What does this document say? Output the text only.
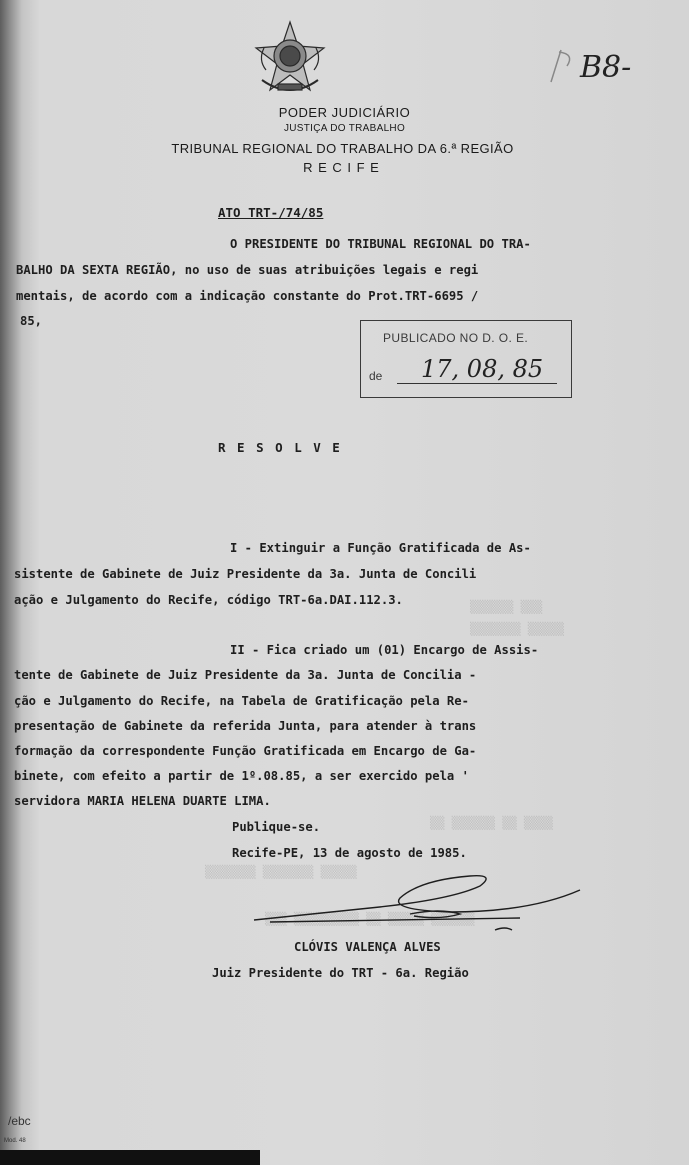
▒▒▒▒▒▒▒ ▒▒▒▒▒▒▒ ▒▒▒▒▒
▒▒▒ ▒▒▒▒▒▒▒▒▒ ▒▒ ▒▒▒▒▒ ▒▒▒▒▒▒
▒▒▒▒▒▒ ▒▒▒
▒▒▒▒▒▒▒ ▒▒▒▒▒
▒▒ ▒▒▒▒▒▒ ▒▒ ▒▒▒▒
B8-
PODER JUDICIÁRIO
JUSTIÇA DO TRABALHO
TRIBUNAL REGIONAL DO TRABALHO DA 6.ª REGIÃO
R E C I F E
ATO TRT-/74/85
O PRESIDENTE DO TRIBUNAL REGIONAL DO TRA-
BALHO DA SEXTA REGIÃO, no uso de suas atribuições legais e regi
mentais, de acordo com a indicação constante do Prot.TRT-6695 /
85,
PUBLICADO NO D. O. E.
de 17, 08, 85
R E S O L V E
I - Extinguir a Função Gratificada de As-
sistente de Gabinete de Juiz Presidente da 3a. Junta de Concili
ação e Julgamento do Recife, código TRT-6a.DAI.112.3.
II - Fica criado um (01) Encargo de Assis-
tente de Gabinete de Juiz Presidente da 3a. Junta de Concilia -
ção e Julgamento do Recife, na Tabela de Gratificação pela Re-
presentação de Gabinete da referida Junta, para atender à trans
formação da correspondente Função Gratificada em Encargo de Ga-
binete, com efeito a partir de 1º.08.85, a ser exercido pela '
servidora MARIA HELENA DUARTE LIMA.
Publique-se.
Recife-PE, 13 de agosto de 1985.
CLÓVIS VALENÇA ALVES
Juiz Presidente do TRT - 6a. Região
/ebc
Mod. 48
